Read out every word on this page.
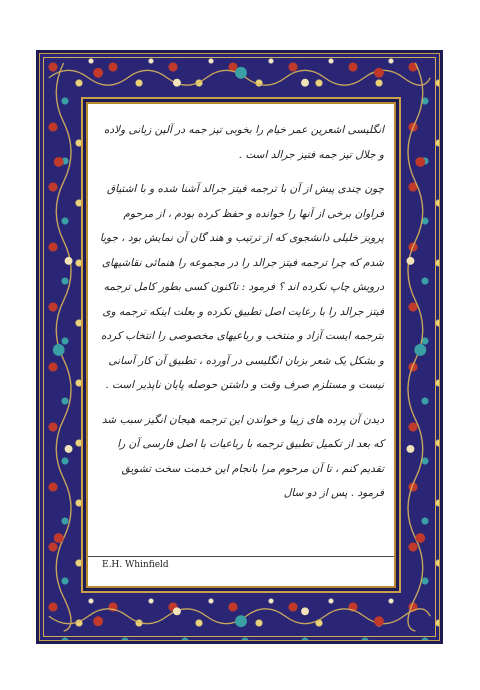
انگلیسی اشعرین عمر خیام را بخوبی تیز جمه در آلین زبانی ولاده و جلال تیز جمه فتیز جرالد است .

چون چندی پیش از آن با ترجمه فیتز جرالد آشنا شده و با اشتیاق فراوان برخی از آنها را خوانده و حفظ کرده بودم ، از مرحوم پرویز خلیلی دانشجوی که از ترتیب و هند گان آن نمایش بود ، جویا شدم که چرا ترجمه فیتز جرالد را در مجموعه را هنمائی نقاشیهای درویش چاپ نکرده اند ؟ فرمود : تاکنون کسی بطور کامل ترجمه فیتز جرالد را با رعایت اصل تطبیق نکرده و بعلت اینکه ترجمه وی بترجمه ایست آزاد و منتخب و رباعیهای مخصوصی را انتخاب کرده و بشکل یک شعر بزبان انگلیسی در آورده ، تطبیق آن کار آسانی نیست و مستلزم صرف وقت و داشتن حوصله پایان ناپذیر است .

دیدن آن پرده های زیبا و خواندن این ترجمه هیجان انگیز سبب شد که بعد از تکمیل تطبیق ترجمه با رباعیات با اصل فارسی آن را تقدیم کنم ، تا آن مرحوم مرا بانجام این خدمت سخت تشویق فرمود . پس از دو سال

E.H. Whinfield
